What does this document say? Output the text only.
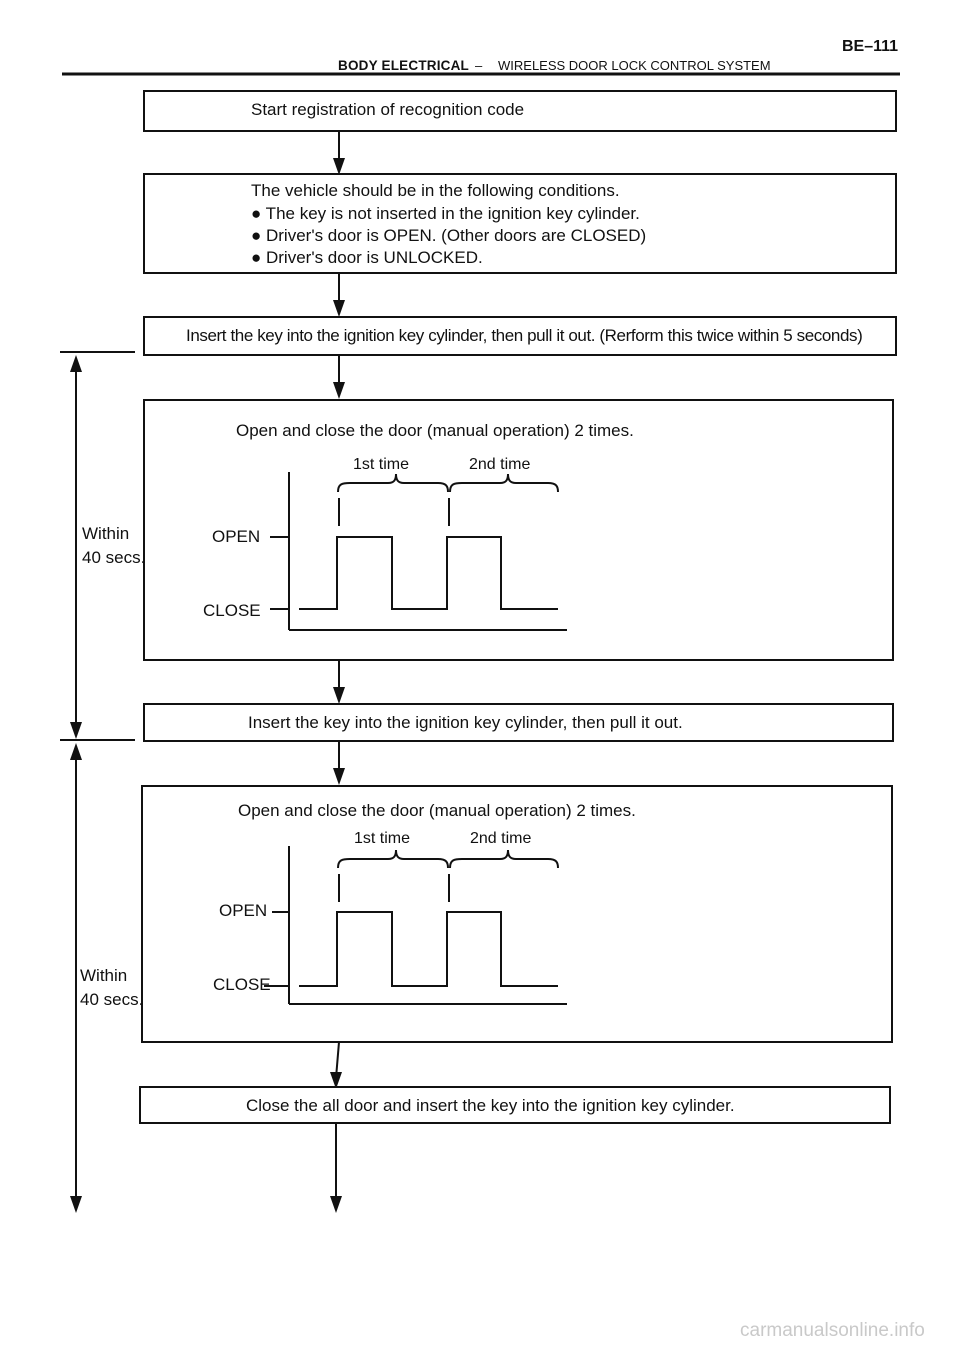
BE–111
BODY ELECTRICAL – WIRELESS DOOR LOCK CONTROL SYSTEM
Start registration of recognition code
The vehicle should be in the following conditions.
● The key is not inserted in the ignition key cylinder.
● Driver's door is OPEN. (Other doors are CLOSED)
● Driver's door is UNLOCKED.
Insert the key into the ignition key cylinder, then pull it out. (Rerform this twice within 5 seconds)
Open and close the door (manual operation) 2 times.
1st time	2nd time
OPEN
CLOSE
Within
40 secs.
Insert the key into the ignition key cylinder, then pull it out.
Open and close the door (manual operation) 2 times.
1st time	2nd time
OPEN
CLOSE
Within
40 secs.
Close the all door and insert the key into the ignition key cylinder.
carmanualsonline.info
